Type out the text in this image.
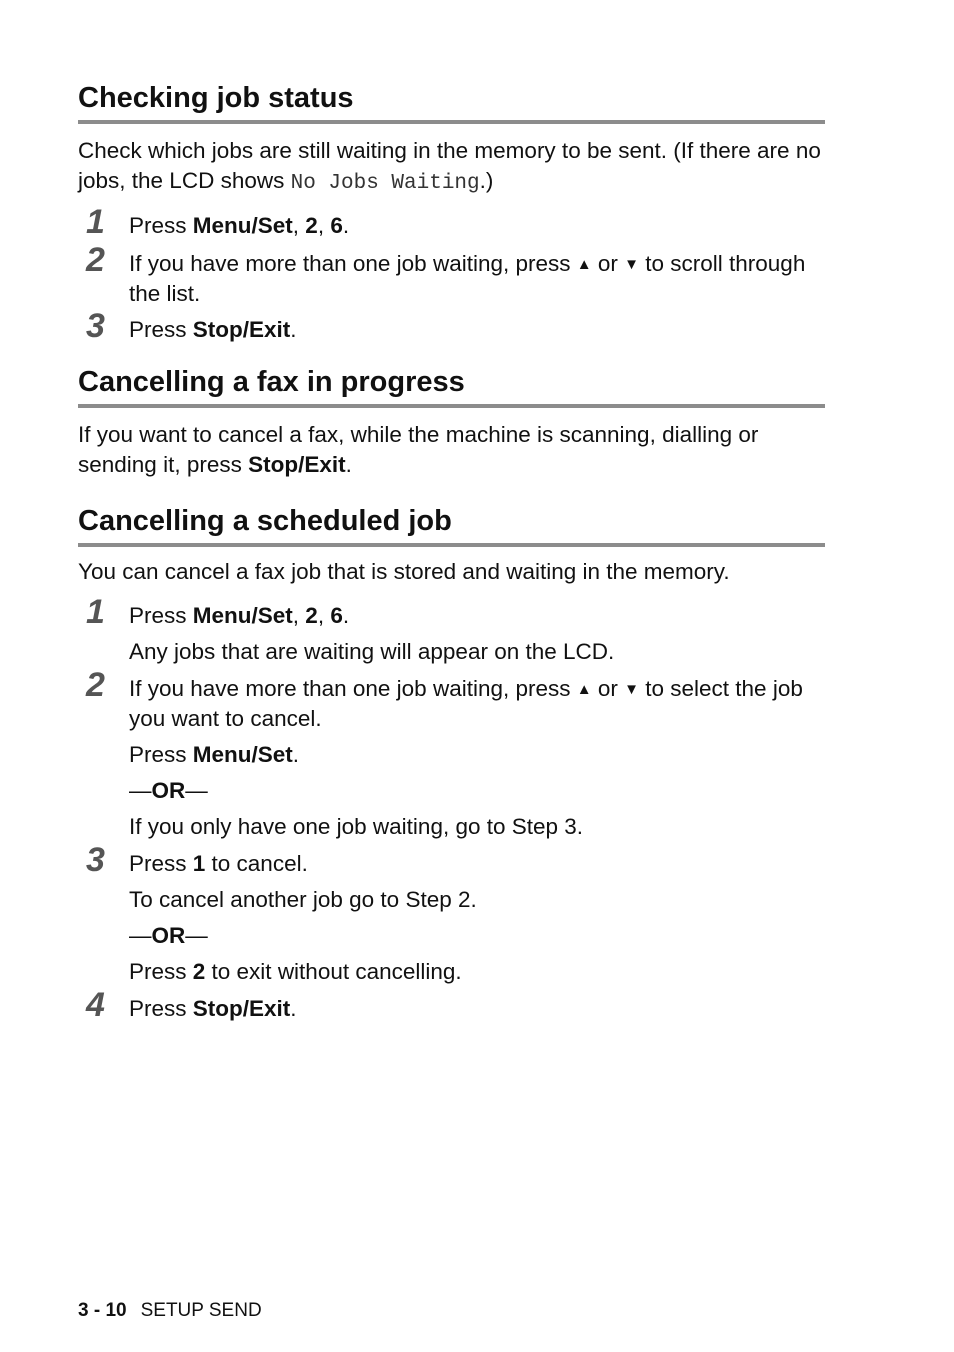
Checking job status

Check which jobs are still waiting in the memory to be sent. (If there are no jobs, the LCD shows No Jobs Waiting.)

1 Press Menu/Set, 2, 6.
2 If you have more than one job waiting, press ▲ or ▼ to scroll through the list.
3 Press Stop/Exit.
Cancelling a fax in progress

If you want to cancel a fax, while the machine is scanning, dialling or sending it, press Stop/Exit.

Cancelling a scheduled job

You can cancel a fax job that is stored and waiting in the memory.

1 Press Menu/Set, 2, 6.

Any jobs that are waiting will appear on the LCD.

2 If you have more than one job waiting, press ▲ or ▼ to select the job you want to cancel.

Press Menu/Set.

—OR—

If you only have one job waiting, go to Step 3.

3 Press 1 to cancel.

To cancel another job go to Step 2.

—OR—

Press 2 to exit without cancelling.

4 Press Stop/Exit.
3 - 10 SETUP SEND
